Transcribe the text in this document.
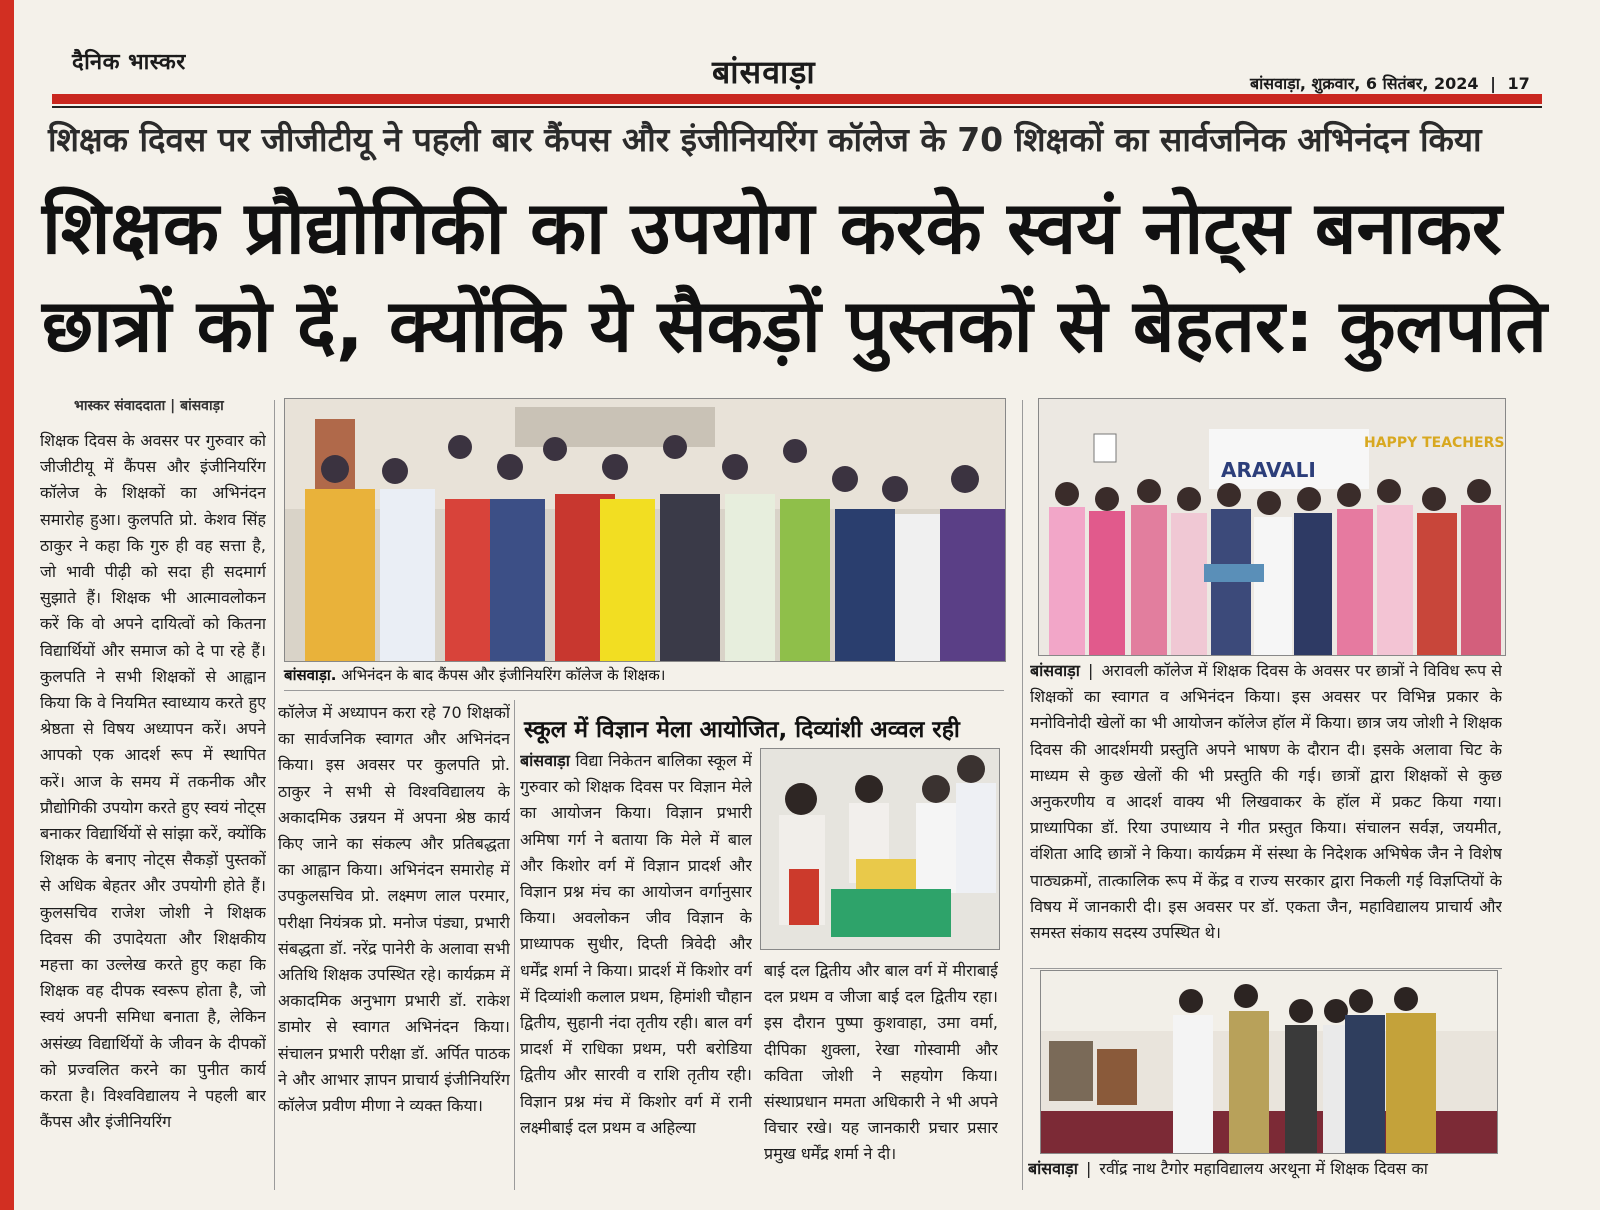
दैनिक भास्कर	बांसवाड़ा	बांसवाड़ा, शुक्रवार, 6 सितंबर, 2024 | 17
शिक्षक दिवस पर जीजीटीयू ने पहली बार कैंपस और इंजीनियरिंग कॉलेज के 70 शिक्षकों का सार्वजनिक अभिनंदन किया
शिक्षक प्रौद्योगिकी का उपयोग करके स्वयं नोट्स बनाकर
छात्रों को दें, क्योंकि ये सैकड़ों पुस्तकों से बेहतर: कुलपति
भास्कर संवाददाता | बांसवाड़ा
शिक्षक दिवस के अवसर पर गुरुवार को जीजीटीयू में कैंपस और इंजीनियरिंग कॉलेज के शिक्षकों का अभिनंदन समारोह हुआ। कुलपति प्रो. केशव सिंह ठाकुर ने कहा कि गुरु ही वह सत्ता है, जो भावी पीढ़ी को सदा ही सदमार्ग सुझाते हैं। शिक्षक भी आत्मावलोकन करें कि वो अपने दायित्वों को कितना विद्यार्थियों और समाज को दे पा रहे हैं। कुलपति ने सभी शिक्षकों से आह्वान किया कि वे नियमित स्वाध्याय करते हुए श्रेष्ठता से विषय अध्यापन करें। अपने आपको एक आदर्श रूप में स्थापित करें। आज के समय में तकनीक और प्रौद्योगिकी उपयोग करते हुए स्वयं नोट्स बनाकर विद्यार्थियों से सांझा करें, क्योंकि शिक्षक के बनाए नोट्स सैकड़ों पुस्तकों से अधिक बेहतर और उपयोगी होते हैं। कुलसचिव राजेश जोशी ने शिक्षक दिवस की उपादेयता और शिक्षकीय महत्ता का उल्लेख करते हुए कहा कि शिक्षक वह दीपक स्वरूप होता है, जो स्वयं अपनी समिधा बनाता है, लेकिन असंख्य विद्यार्थियों के जीवन के दीपकों को प्रज्वलित करने का पुनीत कार्य करता है। विश्वविद्यालय ने पहली बार कैंपस और इंजीनियरिंग
बांसवाड़ा. अभिनंदन के बाद कैंपस और इंजीनियरिंग कॉलेज के शिक्षक।
कॉलेज में अध्यापन करा रहे 70 शिक्षकों का सार्वजनिक स्वागत और अभिनंदन किया। इस अवसर पर कुलपति प्रो. ठाकुर ने सभी से विश्वविद्यालय के अकादमिक उन्नयन में अपना श्रेष्ठ कार्य किए जाने का संकल्प और प्रतिबद्धता का आह्वान किया। अभिनंदन समारोह में उपकुलसचिव प्रो. लक्ष्मण लाल परमार, परीक्षा नियंत्रक प्रो. मनोज पंड्या, प्रभारी संबद्धता डॉ. नरेंद्र पानेरी के अलावा सभी अतिथि शिक्षक उपस्थित रहे। कार्यक्रम में अकादमिक अनुभाग प्रभारी डॉ. राकेश डामोर से स्वागत अभिनंदन किया। संचालन प्रभारी परीक्षा डॉ. अर्पित पाठक ने और आभार ज्ञापन प्राचार्य इंजीनियरिंग कॉलेज प्रवीण मीणा ने व्यक्त किया।
स्कूल में विज्ञान मेला आयोजित, दिव्यांशी अव्वल रही
बांसवाड़ा विद्या निकेतन बालिका स्कूल में गुरुवार को शिक्षक दिवस पर विज्ञान मेले का आयोजन किया। विज्ञान प्रभारी अमिषा गर्ग ने बताया कि मेले में बाल और किशोर वर्ग में विज्ञान प्रादर्श और विज्ञान प्रश्न मंच का आयोजन वर्गानुसार किया। अवलोकन जीव विज्ञान के प्राध्यापक सुधीर, दिप्ती त्रिवेदी और धर्मेंद्र शर्मा ने किया। प्रादर्श में किशोर वर्ग में दिव्यांशी कलाल प्रथम, हिमांशी चौहान द्वितीय, सुहानी नंदा तृतीय रही। बाल वर्ग प्रादर्श में राधिका प्रथम, परी बरोडिया द्वितीय और सारवी व राशि तृतीय रही। विज्ञान प्रश्न मंच में किशोर वर्ग में रानी लक्ष्मीबाई दल प्रथम व अहिल्या
बाई दल द्वितीय और बाल वर्ग में मीराबाई दल प्रथम व जीजा बाई दल द्वितीय रहा। इस दौरान पुष्पा कुशवाहा, उमा वर्मा, दीपिका शुक्ला, रेखा गोस्वामी और कविता जोशी ने सहयोग किया। संस्थाप्रधान ममता अधिकारी ने भी अपने विचार रखे। यह जानकारी प्रचार प्रसार प्रमुख धर्मेंद्र शर्मा ने दी।
ARAVALI
HAPPY TEACHERS
बांसवाड़ा | अरावली कॉलेज में शिक्षक दिवस के अवसर पर छात्रों ने विविध रूप से शिक्षकों का स्वागत व अभिनंदन किया। इस अवसर पर विभिन्न प्रकार के मनोविनोदी खेलों का भी आयोजन कॉलेज हॉल में किया। छात्र जय जोशी ने शिक्षक दिवस की आदर्शमयी प्रस्तुति अपने भाषण के दौरान दी। इसके अलावा चिट के माध्यम से कुछ खेलों की भी प्रस्तुति की गई। छात्रों द्वारा शिक्षकों से कुछ अनुकरणीय व आदर्श वाक्य भी लिखवाकर के हॉल में प्रकट किया गया। प्राध्यापिका डॉ. रिया उपाध्याय ने गीत प्रस्तुत किया। संचालन सर्वज्ञ, जयमीत, वंशिता आदि छात्रों ने किया। कार्यक्रम में संस्था के निदेशक अभिषेक जैन ने विशेष पाठ्यक्रमों, तात्कालिक रूप में केंद्र व राज्य सरकार द्वारा निकली गई विज्ञप्तियों के विषय में जानकारी दी। इस अवसर पर डॉ. एकता जैन, महाविद्यालय प्राचार्य और समस्त संकाय सदस्य उपस्थित थे।
बांसवाड़ा | रवींद्र नाथ टैगोर महाविद्यालय अरथूना में शिक्षक दिवस का
